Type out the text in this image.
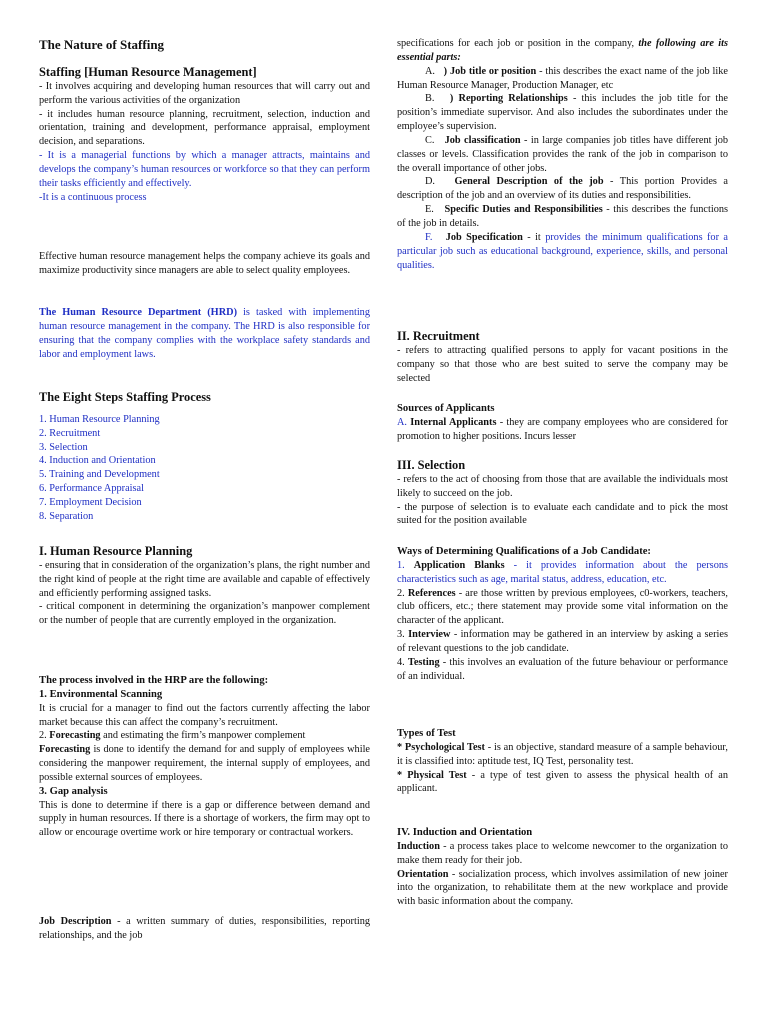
The Nature of Staffing
Staffing [Human Resource Management]

- It involves acquiring and developing human resources that will carry out and perform the various activities of the organization

- it includes human resource planning, recruitment, selection, induction and orientation, training and development, performance appraisal, employment decision, and separations.

- It is a managerial functions by which a manager attracts, maintains and develops the company’s human resources or workforce so that they can perform their tasks efficiently and effectively.

-It is a continuous process

Effective human resource management helps the company achieve its goals and maximize productivity since managers are able to select quality employees.

The Human Resource Department (HRD) is tasked with implementing human resource management in the company. The HRD is also responsible for ensuring that the company complies with the workplace safety standards and labor and employment laws.

The Eight Steps Staffing Process
1. Human Resource Planning
2. Recruitment
3. Selection
4. Induction and Orientation
5. Training and Development
6. Performance Appraisal
7. Employment Decision
8. Separation
I. Human Resource Planning

- ensuring that in consideration of the organization’s plans, the right number and the right kind of people at the right time are available and capable of effectively and efficiently performing assigned tasks.

- critical component in determining the organization’s manpower complement or the number of people that are currently employed in the organization.

The process involved in the HRP are the following:
1. Environmental Scanning

It is crucial for a manager to find out the factors currently affecting the labor market because this can affect the company’s recruitment.

2. Forecasting and estimating the firm’s manpower complement

Forecasting is done to identify the demand for and supply of employees while considering the manpower requirement, the internal supply of employees, and possible external sources of employees.

3. Gap analysis

This is done to determine if there is a gap or difference between demand and supply in human resources. If there is a shortage of workers, the firm may opt to allow or encourage overtime work or hire temporary or contractual workers.

Job Description - a written summary of duties, responsibilities, reporting relationships, and the job

specifications for each job or position in the company, the following are its essential parts:

A. ) Job title or position - this describes the exact name of the job like Human Resource Manager, Production Manager, etc

B. ) Reporting Relationships - this includes the job title for the position’s immediate supervisor. And also includes the subordinates under the employee’s supervision.

C. Job classification - in large companies job titles have different job classes or levels. Classification provides the rank of the job in comparison to the overall importance of other jobs.

D. General Description of the job - This portion Provides a description of the job and an overview of its duties and responsibilities.

E. Specific Duties and Responsibilities - this describes the functions of the job in details.

F. Job Specification - it provides the minimum qualifications for a particular job such as educational background, experience, skills, and personal qualities.

II. Recruitment

- refers to attracting qualified persons to apply for vacant positions in the company so that those who are best suited to serve the company may be selected

Sources of Applicants

A. Internal Applicants - they are company employees who are considered for promotion to higher positions. Incurs lesser

III. Selection

- refers to the act of choosing from those that are available the individuals most likely to succeed on the job.

- the purpose of selection is to evaluate each candidate and to pick the most suited for the position available

Ways of Determining Qualifications of a Job Candidate:

1. Application Blanks - it provides information about the persons characteristics such as age, marital status, address, education, etc.

2. References - are those written by previous employees, c0-workers, teachers, club officers, etc.; there statement may provide some vital information on the character of the applicant.

3. Interview - information may be gathered in an interview by asking a series of relevant questions to the job candidate.

4. Testing - this involves an evaluation of the future behaviour or performance of an individual.

Types of Test

* Psychological Test - is an objective, standard measure of a sample behaviour, it is classified into: aptitude test, IQ Test, personality test.

* Physical Test - a type of test given to assess the physical health of an applicant.

IV. Induction and Orientation

Induction - a process takes place to welcome newcomer to the organization to make them ready for their job.

Orientation - socialization process, which involves assimilation of new joiner into the organization, to rehabilitate them at the new workplace and provide with basic information about the company.
